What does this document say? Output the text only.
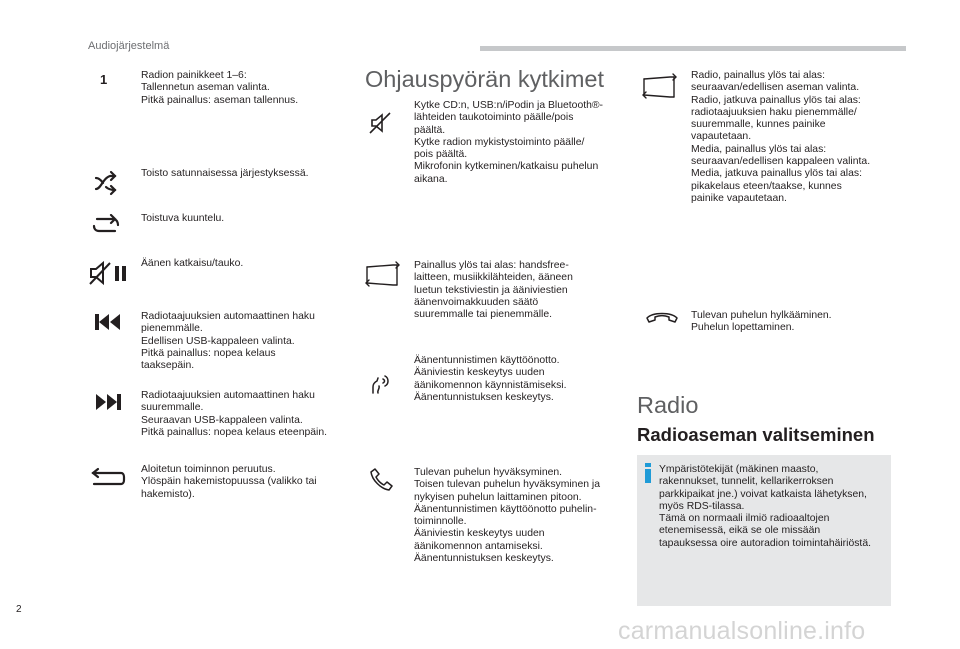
Audiojärjestelmä
1	Radion painikkeet 1–6:
Tallennetun aseman valinta.
Pitkä painallus: aseman tallennus.
Toisto satunnaisessa järjestyksessä.
Toistuva kuuntelu.
Äänen katkaisu/tauko.
Radiotaajuuksien automaattinen haku
pienemmälle.
Edellisen USB-kappaleen valinta.
Pitkä painallus: nopea kelaus
taaksepäin.
Radiotaajuuksien automaattinen haku
suuremmalle.
Seuraavan USB-kappaleen valinta.
Pitkä painallus: nopea kelaus eteenpäin.
Aloitetun toiminnon peruutus.
Ylöspäin hakemistopuussa (valikko tai
hakemisto).
Ohjauspyörän kytkimet
Kytke CD:n, USB:n/iPodin ja Bluetooth®-
lähteiden taukotoiminto päälle/pois
päältä.
Kytke radion mykistystoiminto päälle/
pois päältä.
Mikrofonin kytkeminen/katkaisu puhelun
aikana.
Painallus ylös tai alas: handsfree-
laitteen, musiikkilähteiden, ääneen
luetun tekstiviestin ja ääniviestien
äänenvoimakkuuden säätö
suuremmalle tai pienemmälle.
Äänentunnistimen käyttöönotto.
Ääniviestin keskeytys uuden
äänikomennon käynnistämiseksi.
Äänentunnistuksen keskeytys.
Tulevan puhelun hyväksyminen.
Toisen tulevan puhelun hyväksyminen ja
nykyisen puhelun laittaminen pitoon.
Äänentunnistimen käyttöönotto puhelin-
toiminnolle.
Ääniviestin keskeytys uuden
äänikomennon antamiseksi.
Äänentunnistuksen keskeytys.
Radio, painallus ylös tai alas:
seuraavan/edellisen aseman valinta.
Radio, jatkuva painallus ylös tai alas:
radiotaajuuksien haku pienemmälle/
suuremmalle, kunnes painike
vapautetaan.
Media, painallus ylös tai alas:
seuraavan/edellisen kappaleen valinta.
Media, jatkuva painallus ylös tai alas:
pikakelaus eteen/taakse, kunnes
painike vapautetaan.
Tulevan puhelun hylkääminen.
Puhelun lopettaminen.
Radio
Radioaseman valitseminen
Ympäristötekijät (mäkinen maasto,
rakennukset, tunnelit, kellarikerroksen
parkkipaikat jne.) voivat katkaista lähetyksen,
myös RDS-tilassa.
Tämä on normaali ilmiö radioaaltojen
etenemisessä, eikä se ole missään
tapauksessa oire autoradion toimintahäiriöstä.
2
carmanualsonline.info
